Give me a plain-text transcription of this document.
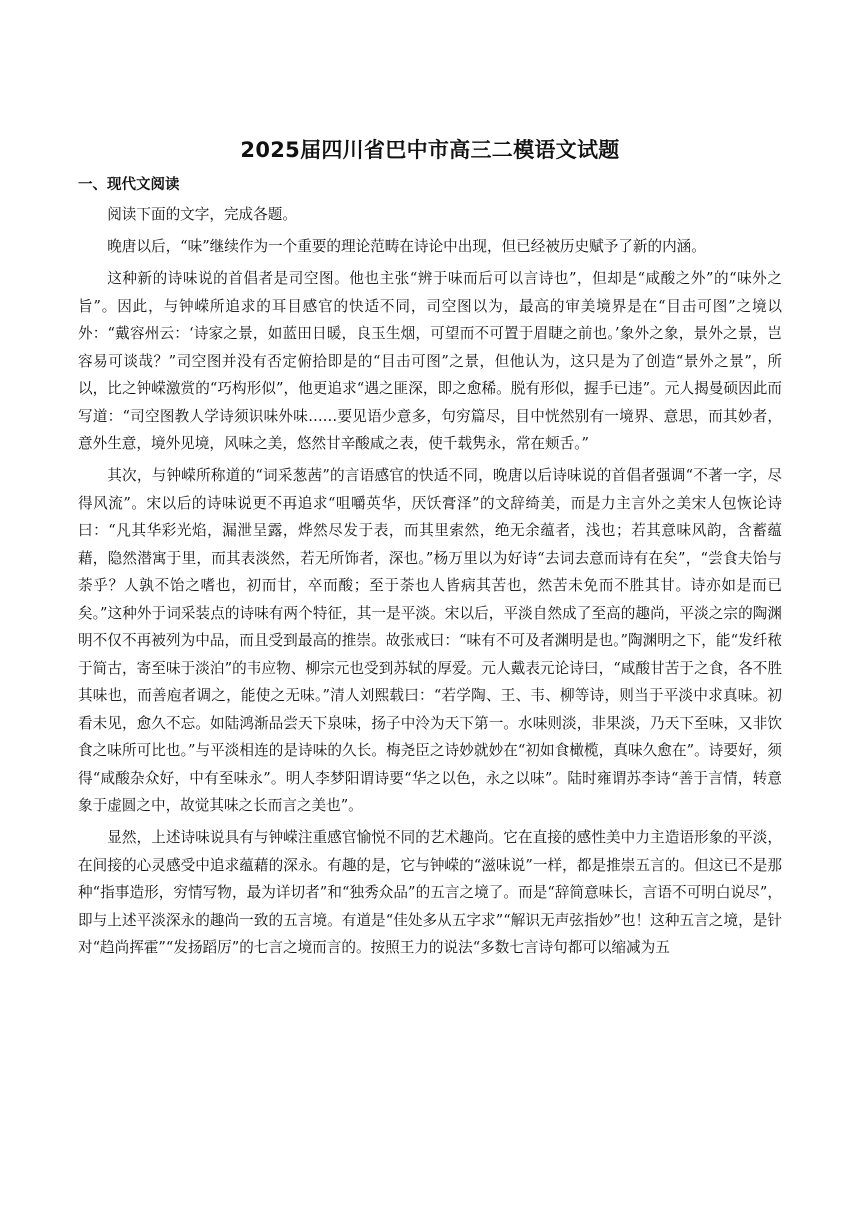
2025届四川省巴中市高三二模语文试题
一、现代文阅读

阅读下面的文字，完成各题。

晚唐以后，“味”继续作为一个重要的理论范畴在诗论中出现，但已经被历史赋予了新的内涵。

这种新的诗味说的首倡者是司空图。他也主张“辨于味而后可以言诗也”，但却是“咸酸之外”的“味外之旨”。因此，与钟嵘所追求的耳目感官的快适不同，司空图以为，最高的审美境界是在“目击可图”之境以外：“戴容州云：‘诗家之景，如蓝田日暖，良玉生烟，可望而不可置于眉睫之前也。’象外之象，景外之景，岂容易可谈哉？”司空图并没有否定俯拾即是的“目击可图”之景，但他认为，这只是为了创造“景外之景”，所以，比之钟嵘激赏的“巧构形似”，他更追求“遇之匪深，即之愈稀。脱有形似，握手已违”。元人揭曼硕因此而写道：“司空图教人学诗须识味外味……要见语少意多，句穷篇尽，目中恍然别有一境界、意思，而其妙者，意外生意，境外见境，风味之美，悠然甘辛酸咸之表，使千载隽永，常在颊舌。”

其次，与钟嵘所称道的“词采葱茜”的言语感官的快适不同，晚唐以后诗味说的首倡者强调“不著一字，尽得风流”。宋以后的诗味说更不再追求“咀嚼英华，厌饫膏泽”的文辞绮美，而是力主言外之美宋人包恢论诗曰：“凡其华彩光焰，漏泄呈露，烨然尽发于表，而其里索然，绝无余蕴者，浅也；若其意味风韵，含蓄蕴藉，隐然潜寓于里，而其表淡然，若无所饰者，深也。”杨万里以为好诗“去词去意而诗有在矣”，“尝食夫饴与荼乎？人孰不饴之嗜也，初而甘，卒而酸；至于荼也人皆病其苦也，然苦未免而不胜其甘。诗亦如是而已矣。”这种外于词采装点的诗味有两个特征，其一是平淡。宋以后，平淡自然成了至高的趣尚，平淡之宗的陶渊明不仅不再被列为中品，而且受到最高的推崇。故张戒曰：“味有不可及者渊明是也。”陶渊明之下，能“发纤秾于简古，寄至味于淡泊”的韦应物、柳宗元也受到苏轼的厚爱。元人戴表元论诗曰，“咸酸甘苦于之食，各不胜其味也，而善庖者调之，能使之无味。”清人刘熙载曰：“若学陶、王、韦、柳等诗，则当于平淡中求真味。初看未见，愈久不忘。如陆鸿渐品尝天下泉味，扬子中泠为天下第一。水味则淡，非果淡，乃天下至味，又非饮食之味所可比也。”与平淡相连的是诗味的久长。梅尧臣之诗妙就妙在“初如食橄榄，真味久愈在”。诗要好，须得“咸酸杂众好，中有至味永”。明人李梦阳谓诗要“华之以色，永之以味”。陆时雍谓苏李诗“善于言情，转意象于虚圆之中，故觉其味之长而言之美也”。

显然，上述诗味说具有与钟嵘注重感官愉悦不同的艺术趣尚。它在直接的感性美中力主造语形象的平淡，在间接的心灵感受中追求蕴藉的深永。有趣的是，它与钟嵘的“滋味说”一样，都是推崇五言的。但这已不是那种“指事造形，穷情写物，最为详切者”和“独秀众品”的五言之境了。而是“辞简意味长，言语不可明白说尽”，即与上述平淡深永的趣尚一致的五言境。有道是“佳处多从五字求”“解识无声弦指妙”也！这种五言之境，是针对“趋尚挥霍”“发扬蹈厉”的七言之境而言的。按照王力的说法“多数七言诗句都可以缩减为五
